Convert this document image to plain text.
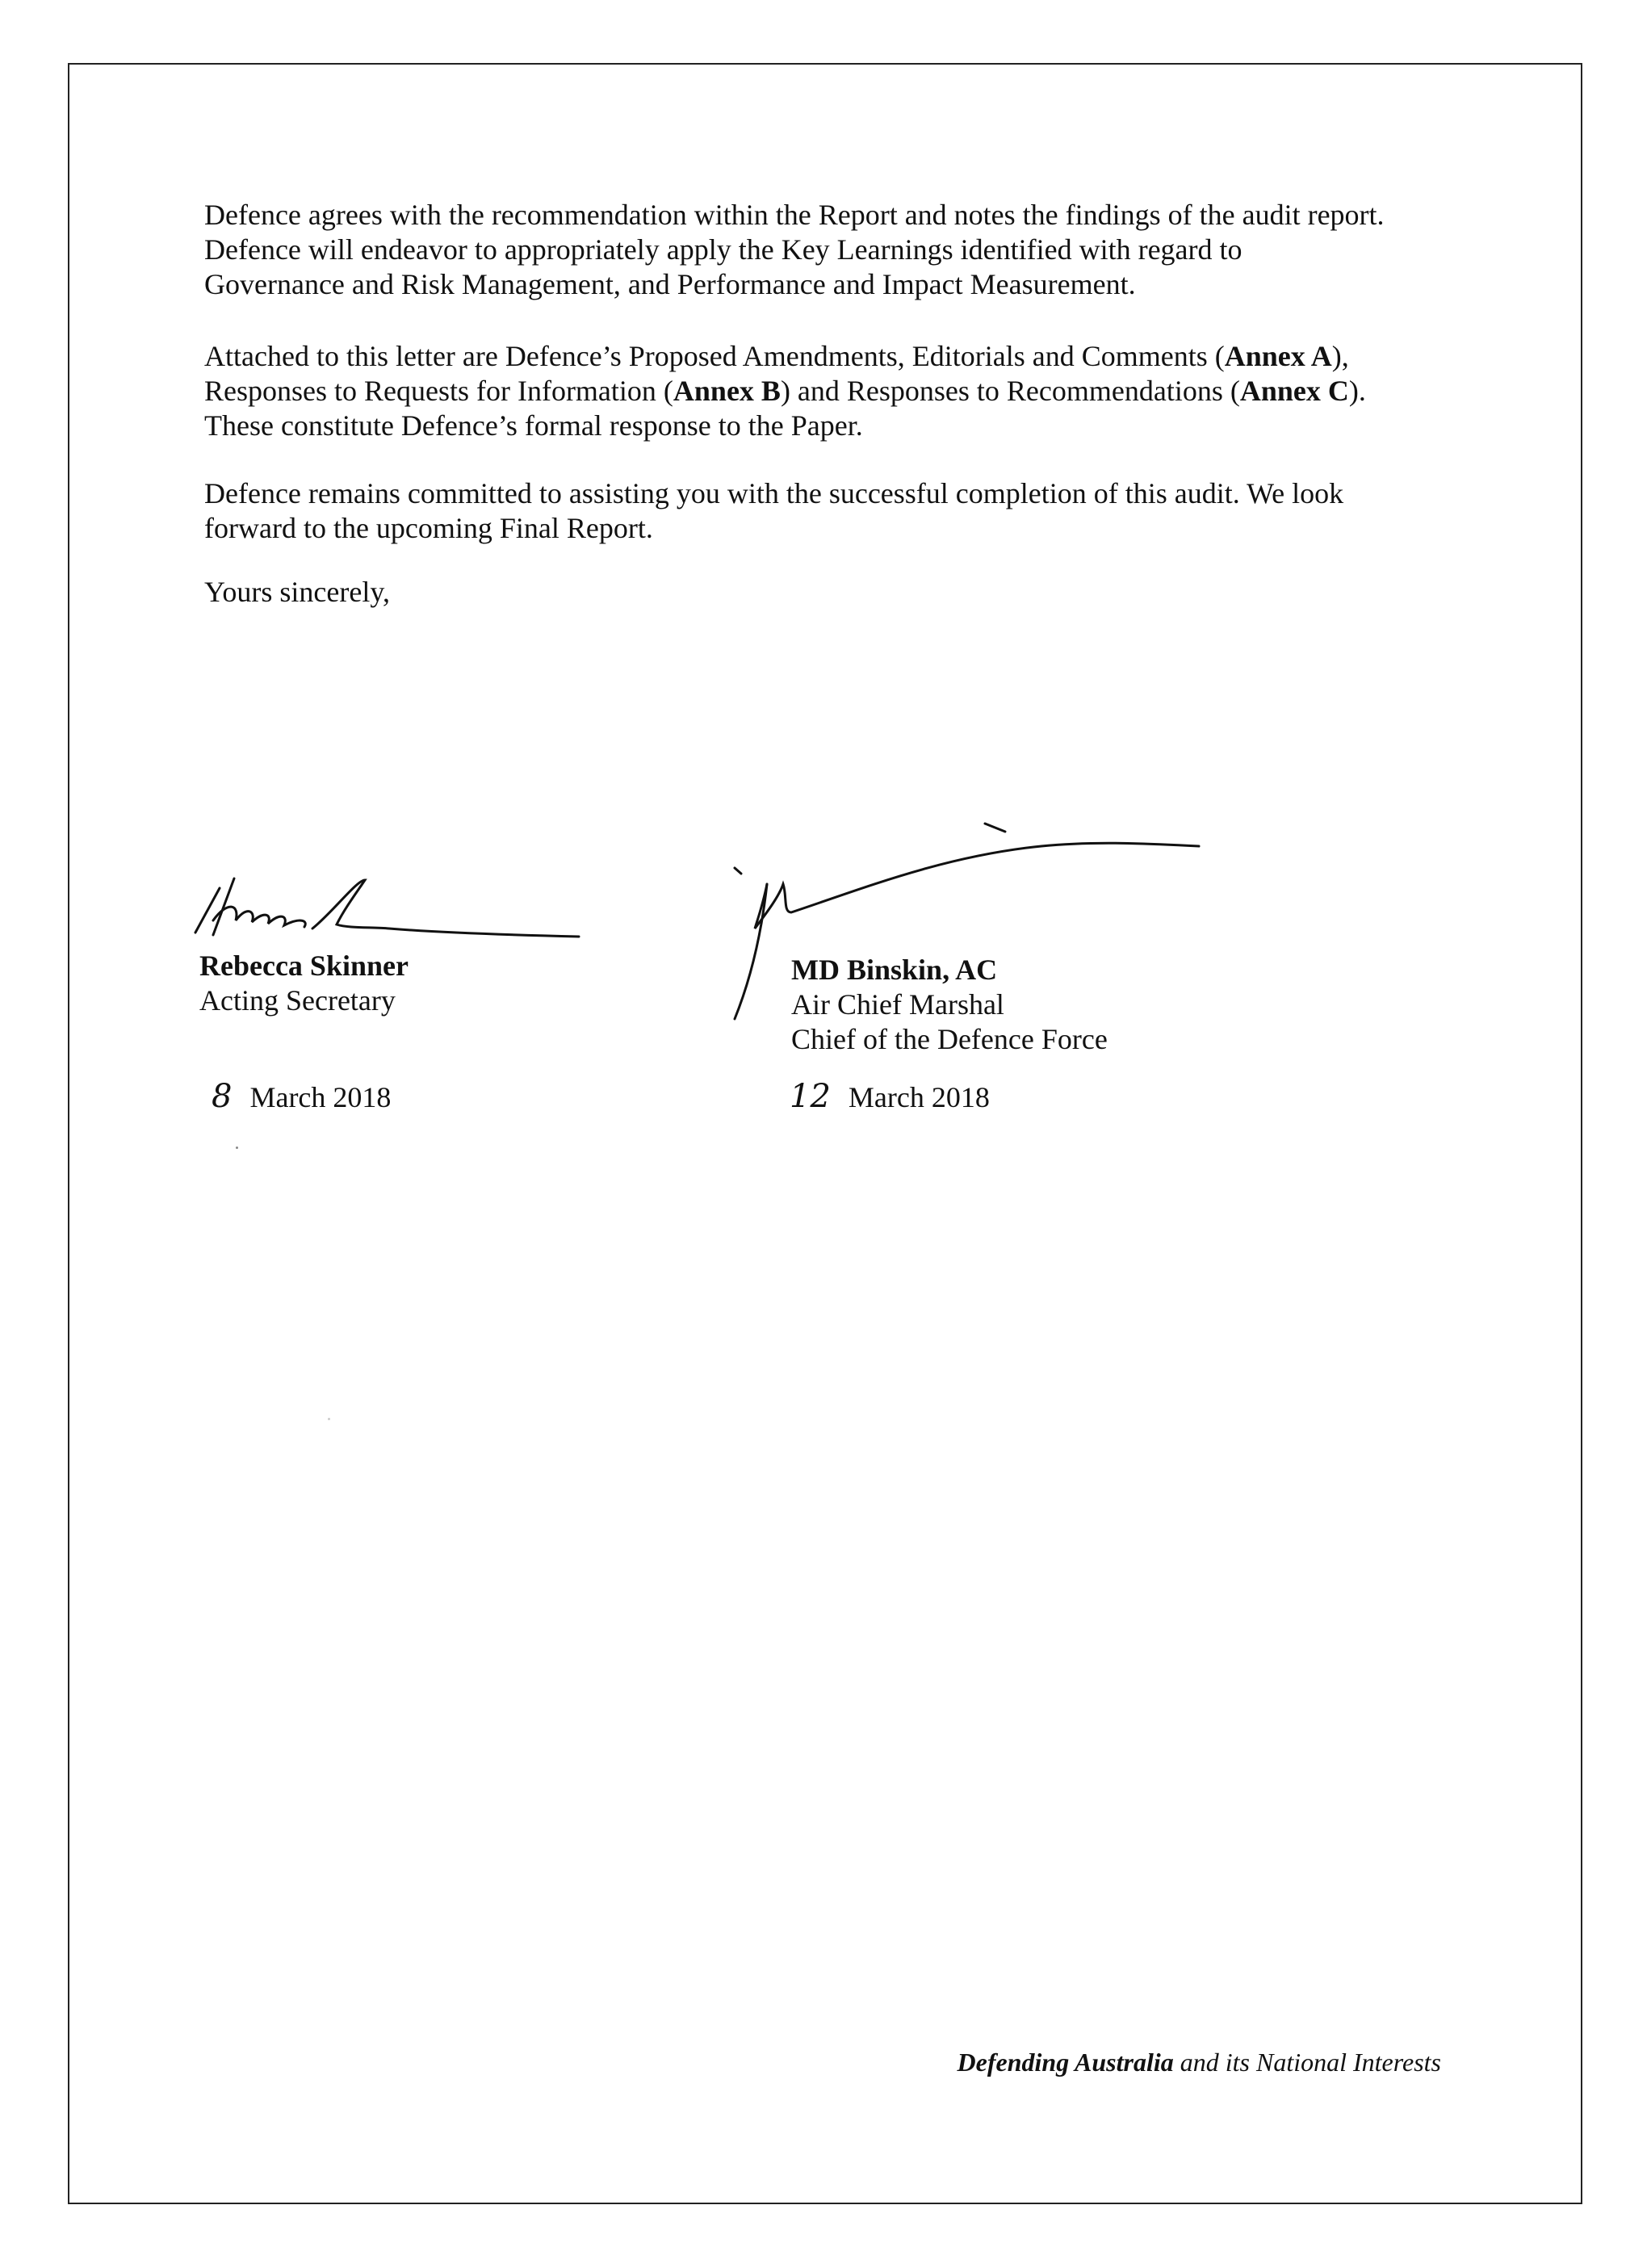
Defence agrees with the recommendation within the Report and notes the findings of the audit report.
Defence will endeavor to appropriately apply the Key Learnings identified with regard to
Governance and Risk Management, and Performance and Impact Measurement.
Attached to this letter are Defence’s Proposed Amendments, Editorials and Comments (Annex A),
Responses to Requests for Information (Annex B) and Responses to Recommendations (Annex C).
These constitute Defence’s formal response to the Paper.
Defence remains committed to assisting you with the successful completion of this audit. We look
forward to the upcoming Final Report.
Yours sincerely,
Rebecca Skinner
Acting Secretary
8 March 2018
MD Binskin, AC
Air Chief Marshal
Chief of the Defence Force
12 March 2018
Defending Australia and its National Interests
